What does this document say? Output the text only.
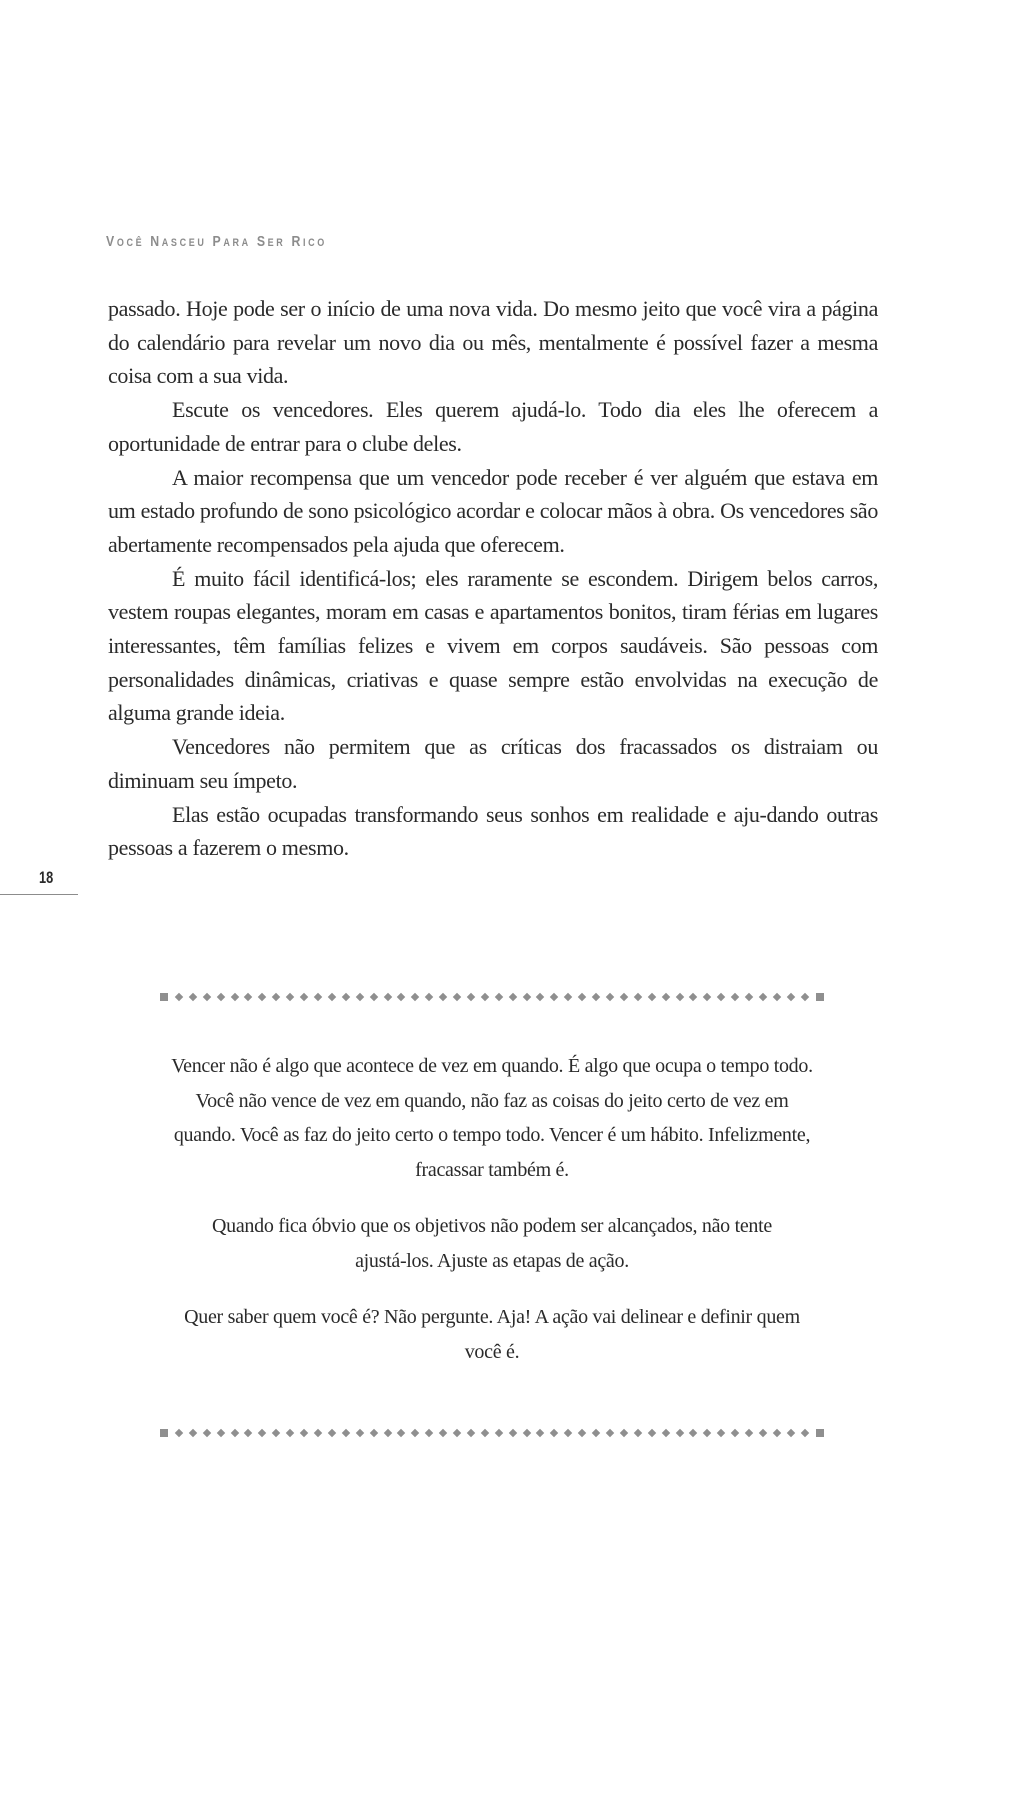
Você Nasceu Para Ser Rico

passado. Hoje pode ser o início de uma nova vida. Do mesmo jeito que você vira a página do calendário para revelar um novo dia ou mês, mentalmente é possível fazer a mesma coisa com a sua vida.

Escute os vencedores. Eles querem ajudá-lo. Todo dia eles lhe oferecem a oportunidade de entrar para o clube deles.

A maior recompensa que um vencedor pode receber é ver alguém que estava em um estado profundo de sono psicológico acordar e colocar mãos à obra. Os vencedores são abertamente recompensados pela ajuda que oferecem.

É muito fácil identificá-los; eles raramente se escondem. Dirigem belos carros, vestem roupas elegantes, moram em casas e apartamentos bonitos, tiram férias em lugares interessantes, têm famílias felizes e vivem em corpos saudáveis. São pessoas com personalidades dinâmicas, criativas e quase sempre estão envolvidas na execução de alguma grande ideia.

Vencedores não permitem que as críticas dos fracassados os distraiam ou diminuam seu ímpeto.

Elas estão ocupadas transformando seus sonhos em realidade e aju-dando outras pessoas a fazerem o mesmo.

18

Vencer não é algo que acontece de vez em quando. É algo que ocupa o tempo todo. Você não vence de vez em quando, não faz as coisas do jeito certo de vez em quando. Você as faz do jeito certo o tempo todo. Vencer é um hábito. Infelizmente, fracassar também é.

Quando fica óbvio que os objetivos não podem ser alcançados, não tente ajustá-los. Ajuste as etapas de ação.

Quer saber quem você é? Não pergunte. Aja! A ação vai delinear e definir quem você é.
